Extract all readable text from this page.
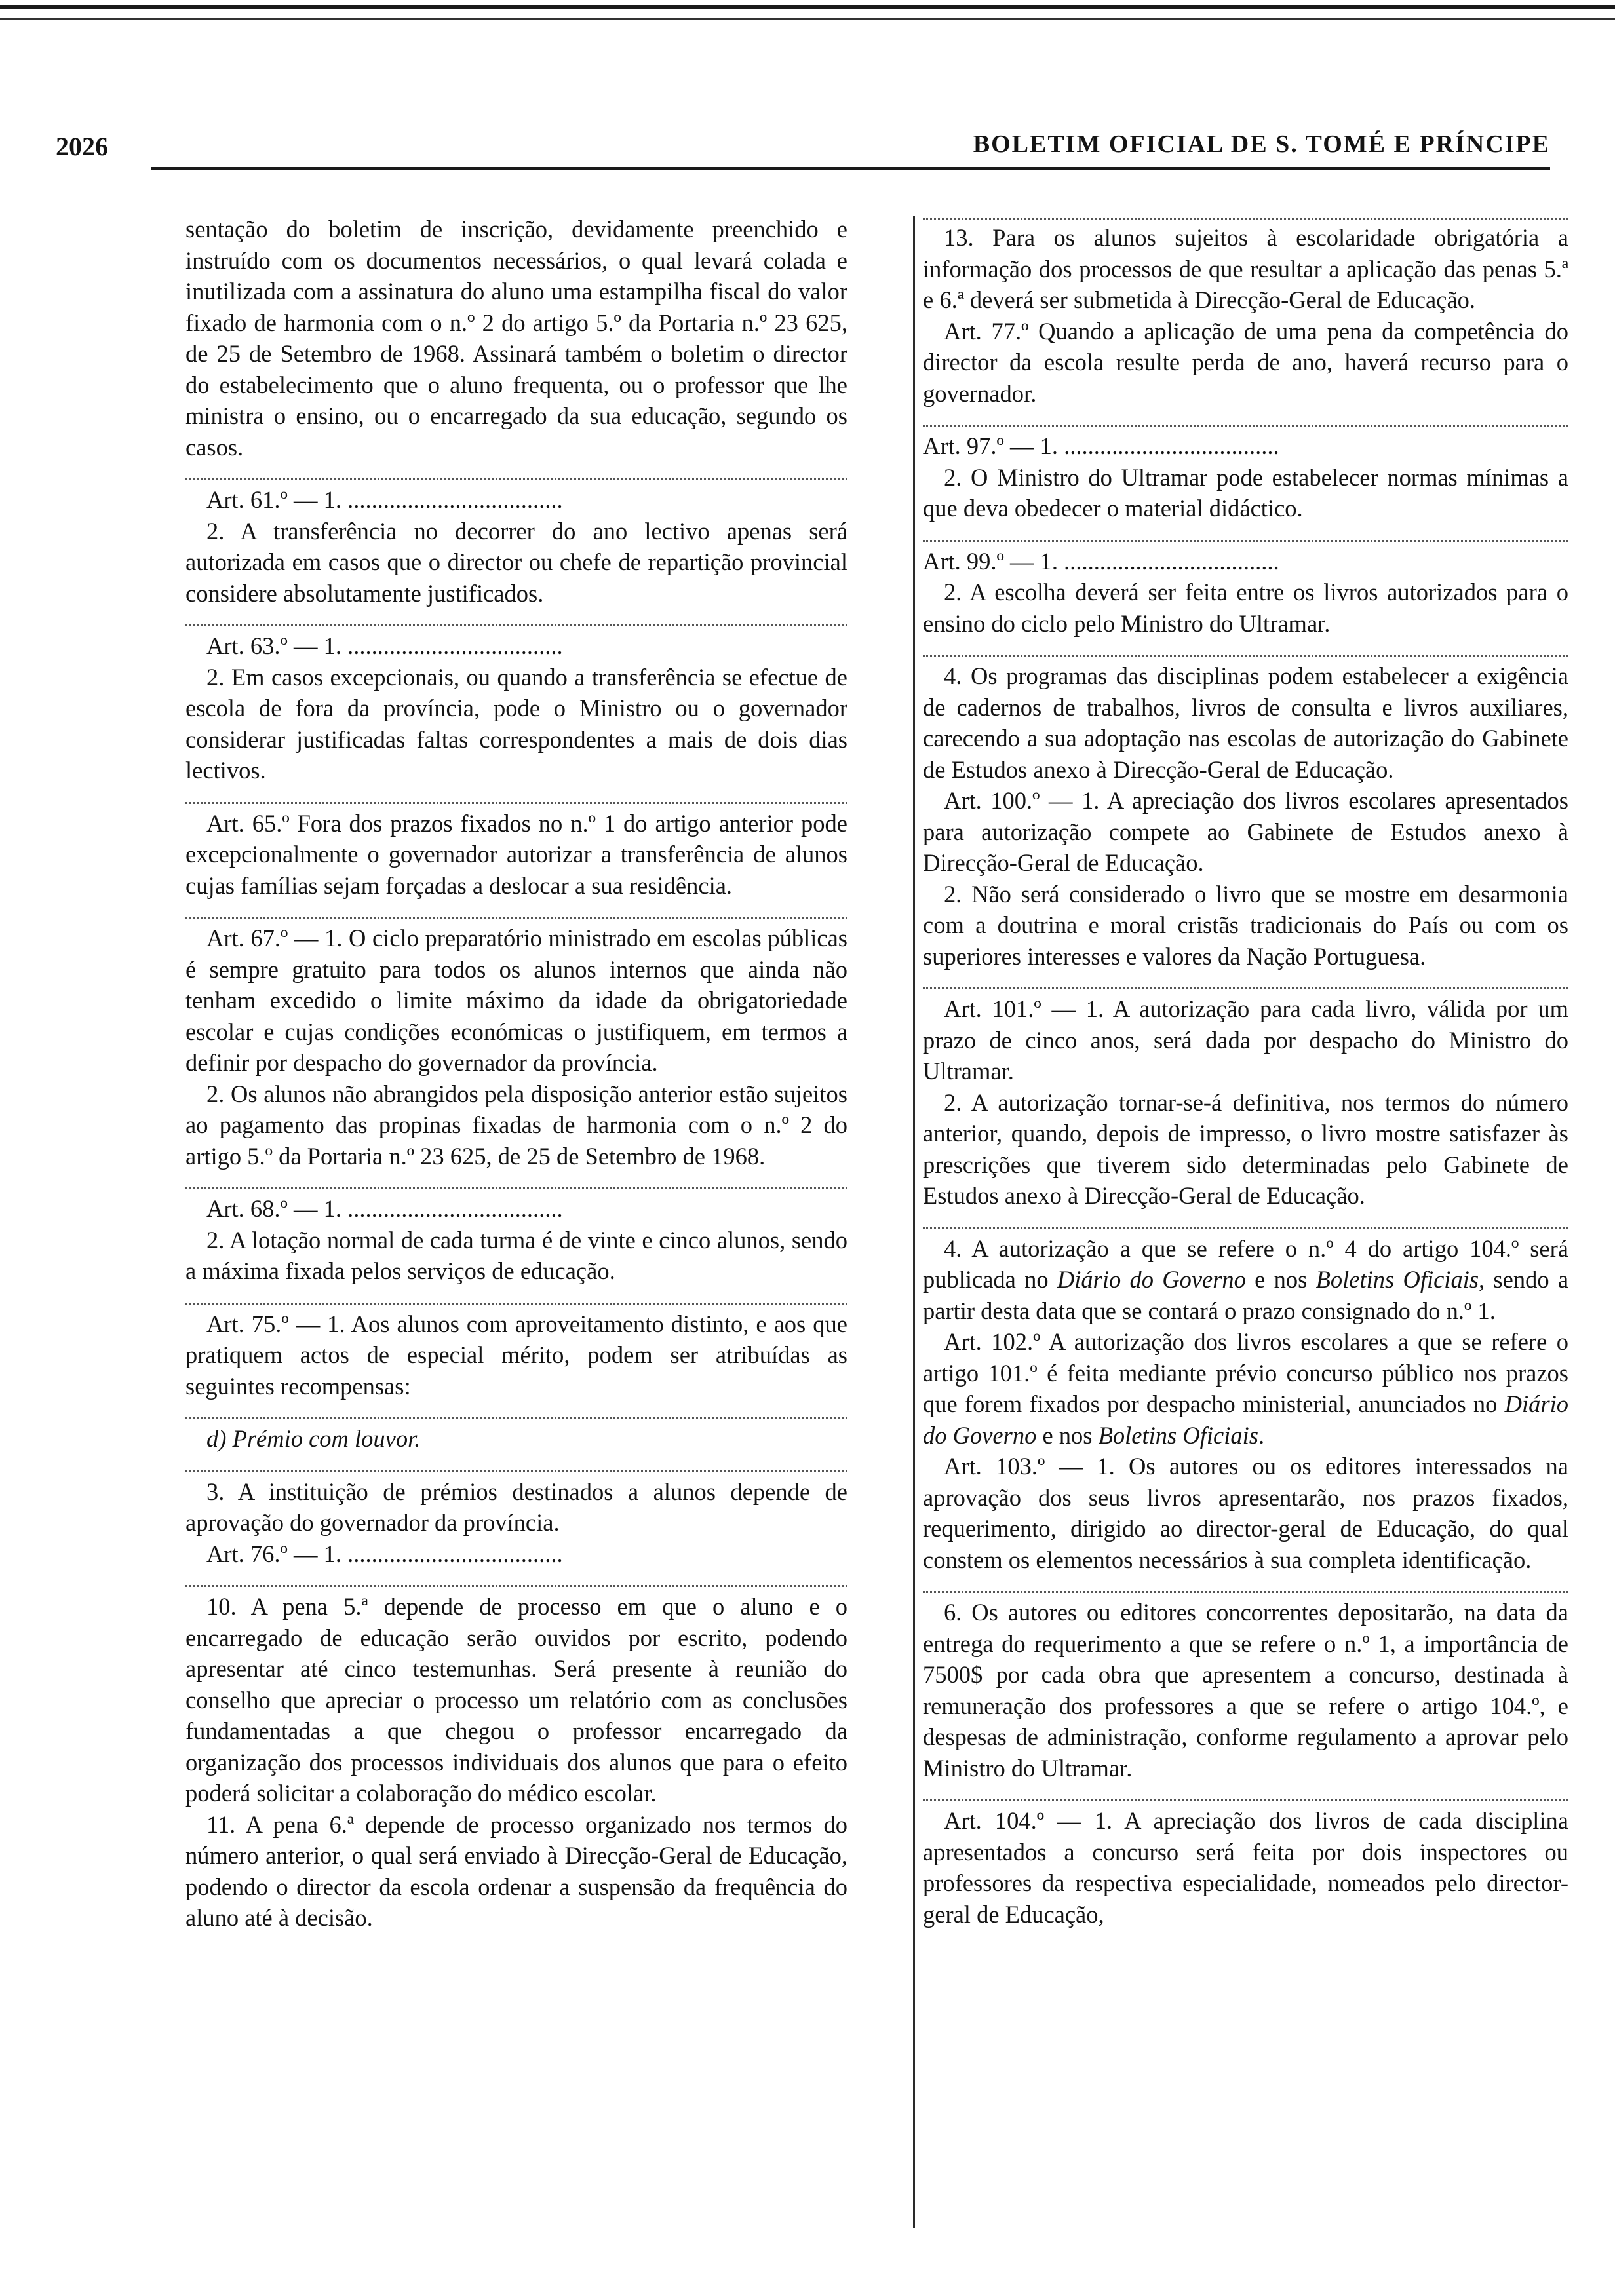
2026	BOLETIM OFICIAL DE S. TOMÉ E PRÍNCIPE

sentação do boletim de inscrição, devidamente preenchido e instruído com os documentos necessários, o qual levará colada e inutilizada com a assinatura do aluno uma estampilha fiscal do valor fixado de harmonia com o n.º 2 do artigo 5.º da Portaria n.º 23 625, de 25 de Setembro de 1968. Assinará também o boletim o director do estabelecimento que o aluno frequenta, ou o professor que lhe ministra o ensino, ou o encarregado da sua educação, segundo os casos.

Art. 61.º — 1. ....................................

2. A transferência no decorrer do ano lectivo apenas será autorizada em casos que o director ou chefe de repartição provincial considere absolutamente justificados.

Art. 63.º — 1. ....................................

2. Em casos excepcionais, ou quando a transferência se efectue de escola de fora da província, pode o Ministro ou o governador considerar justificadas faltas correspondentes a mais de dois dias lectivos.

Art. 65.º Fora dos prazos fixados no n.º 1 do artigo anterior pode excepcionalmente o governador autorizar a transferência de alunos cujas famílias sejam forçadas a deslocar a sua residência.

Art. 67.º — 1. O ciclo preparatório ministrado em escolas públicas é sempre gratuito para todos os alunos internos que ainda não tenham excedido o limite máximo da idade da obrigatoriedade escolar e cujas condições económicas o justifiquem, em termos a definir por despacho do governador da província.

2. Os alunos não abrangidos pela disposição anterior estão sujeitos ao pagamento das propinas fixadas de harmonia com o n.º 2 do artigo 5.º da Portaria n.º 23 625, de 25 de Setembro de 1968.

Art. 68.º — 1. ....................................

2. A lotação normal de cada turma é de vinte e cinco alunos, sendo a máxima fixada pelos serviços de educação.

Art. 75.º — 1. Aos alunos com aproveitamento distinto, e aos que pratiquem actos de especial mérito, podem ser atribuídas as seguintes recompensas:

d) Prémio com louvor.

3. A instituição de prémios destinados a alunos depende de aprovação do governador da província.

Art. 76.º — 1. ....................................

10. A pena 5.ª depende de processo em que o aluno e o encarregado de educação serão ouvidos por escrito, podendo apresentar até cinco testemunhas. Será presente à reunião do conselho que apreciar o processo um relatório com as conclusões fundamentadas a que chegou o professor encarregado da organização dos processos individuais dos alunos que para o efeito poderá solicitar a colaboração do médico escolar.

11. A pena 6.ª depende de processo organizado nos termos do número anterior, o qual será enviado à Direcção-Geral de Educação, podendo o director da escola ordenar a suspensão da frequência do aluno até à decisão.

13. Para os alunos sujeitos à escolaridade obrigatória a informação dos processos de que resultar a aplicação das penas 5.ª e 6.ª deverá ser submetida à Direcção-Geral de Educação.

Art. 77.º Quando a aplicação de uma pena da competência do director da escola resulte perda de ano, haverá recurso para o governador.

Art. 97.º — 1. ....................................

2. O Ministro do Ultramar pode estabelecer normas mínimas a que deva obedecer o material didáctico.

Art. 99.º — 1. ....................................

2. A escolha deverá ser feita entre os livros autorizados para o ensino do ciclo pelo Ministro do Ultramar.

4. Os programas das disciplinas podem estabelecer a exigência de cadernos de trabalhos, livros de consulta e livros auxiliares, carecendo a sua adoptação nas escolas de autorização do Gabinete de Estudos anexo à Direcção-Geral de Educação.

Art. 100.º — 1. A apreciação dos livros escolares apresentados para autorização compete ao Gabinete de Estudos anexo à Direcção-Geral de Educação.

2. Não será considerado o livro que se mostre em desarmonia com a doutrina e moral cristãs tradicionais do País ou com os superiores interesses e valores da Nação Portuguesa.

Art. 101.º — 1. A autorização para cada livro, válida por um prazo de cinco anos, será dada por despacho do Ministro do Ultramar.

2. A autorização tornar-se-á definitiva, nos termos do número anterior, quando, depois de impresso, o livro mostre satisfazer às prescrições que tiverem sido determinadas pelo Gabinete de Estudos anexo à Direcção-Geral de Educação.

4. A autorização a que se refere o n.º 4 do artigo 104.º será publicada no Diário do Governo e nos Boletins Oficiais, sendo a partir desta data que se contará o prazo consignado do n.º 1.

Art. 102.º A autorização dos livros escolares a que se refere o artigo 101.º é feita mediante prévio concurso público nos prazos que forem fixados por despacho ministerial, anunciados no Diário do Governo e nos Boletins Oficiais.

Art. 103.º — 1. Os autores ou os editores interessados na aprovação dos seus livros apresentarão, nos prazos fixados, requerimento, dirigido ao director-geral de Educação, do qual constem os elementos necessários à sua completa identificação.

6. Os autores ou editores concorrentes depositarão, na data da entrega do requerimento a que se refere o n.º 1, a importância de 7500$ por cada obra que apresentem a concurso, destinada à remuneração dos professores a que se refere o artigo 104.º, e despesas de administração, conforme regulamento a aprovar pelo Ministro do Ultramar.

Art. 104.º — 1. A apreciação dos livros de cada disciplina apresentados a concurso será feita por dois inspectores ou professores da respectiva especialidade, nomeados pelo director-geral de Educação,
